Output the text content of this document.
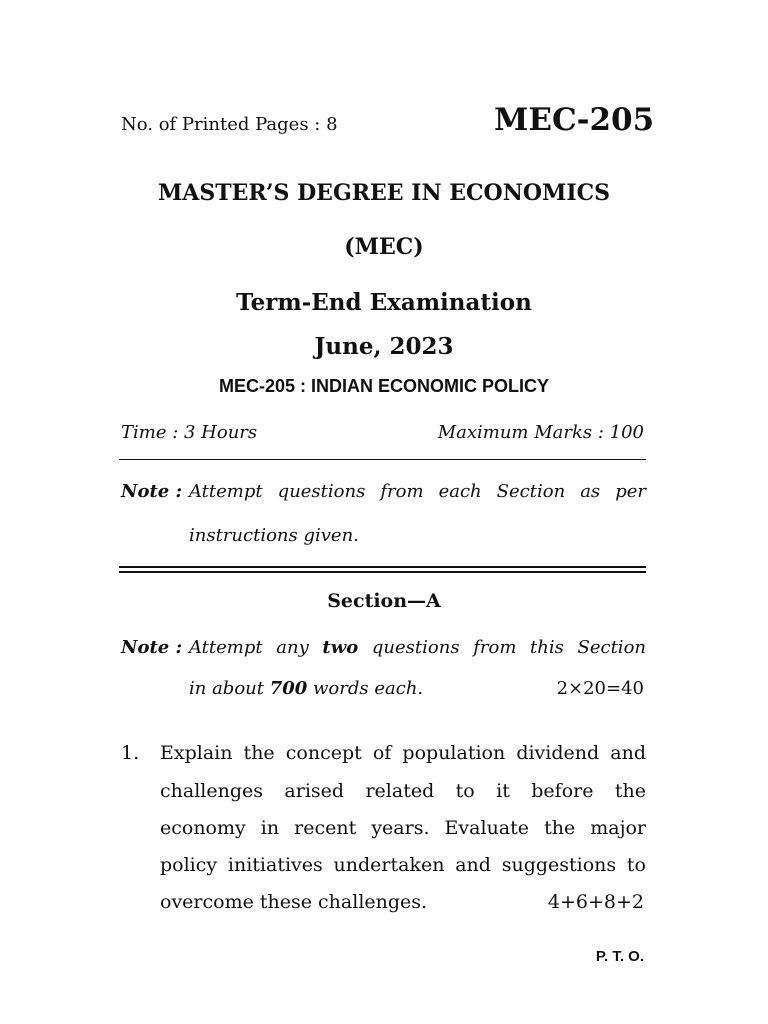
No. of Printed Pages : 8	MEC-205
MASTER’S DEGREE IN ECONOMICS
(MEC)
Term-End Examination
June, 2023
MEC-205 : INDIAN ECONOMIC POLICY
Time : 3 Hours	Maximum Marks : 100
Note : Attempt questions from each Section as per
instructions given.
Section—A
Note : Attempt any two questions from this Section
in about 700 words each.	2×20=40
1. Explain the concept of population dividend and
challenges arised related to it before the
economy in recent years. Evaluate the major
policy initiatives undertaken and suggestions to
overcome these challenges.	4+6+8+2
P. T. O.
